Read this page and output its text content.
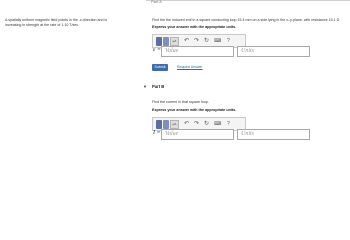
Part A
A spatially uniform magnetic field points in the -z-direction and is increasing in strength at the rate of 1.10 T/sec.
Find the the induced emf in a square conducting loop 15.4 mm on a side lying in the x–y-plane, with resistance 15.1 Ω
Express your answer with the appropriate units.
μA	↶ ↷ ↻ ⌨ ?
ε = Value	Units
Submit	Request Answer
▼ Part B
Find the current in that square loop.
Express your answer with the appropriate units.
μA	↶ ↷ ↻ ⌨ ?
I = Value	Units
